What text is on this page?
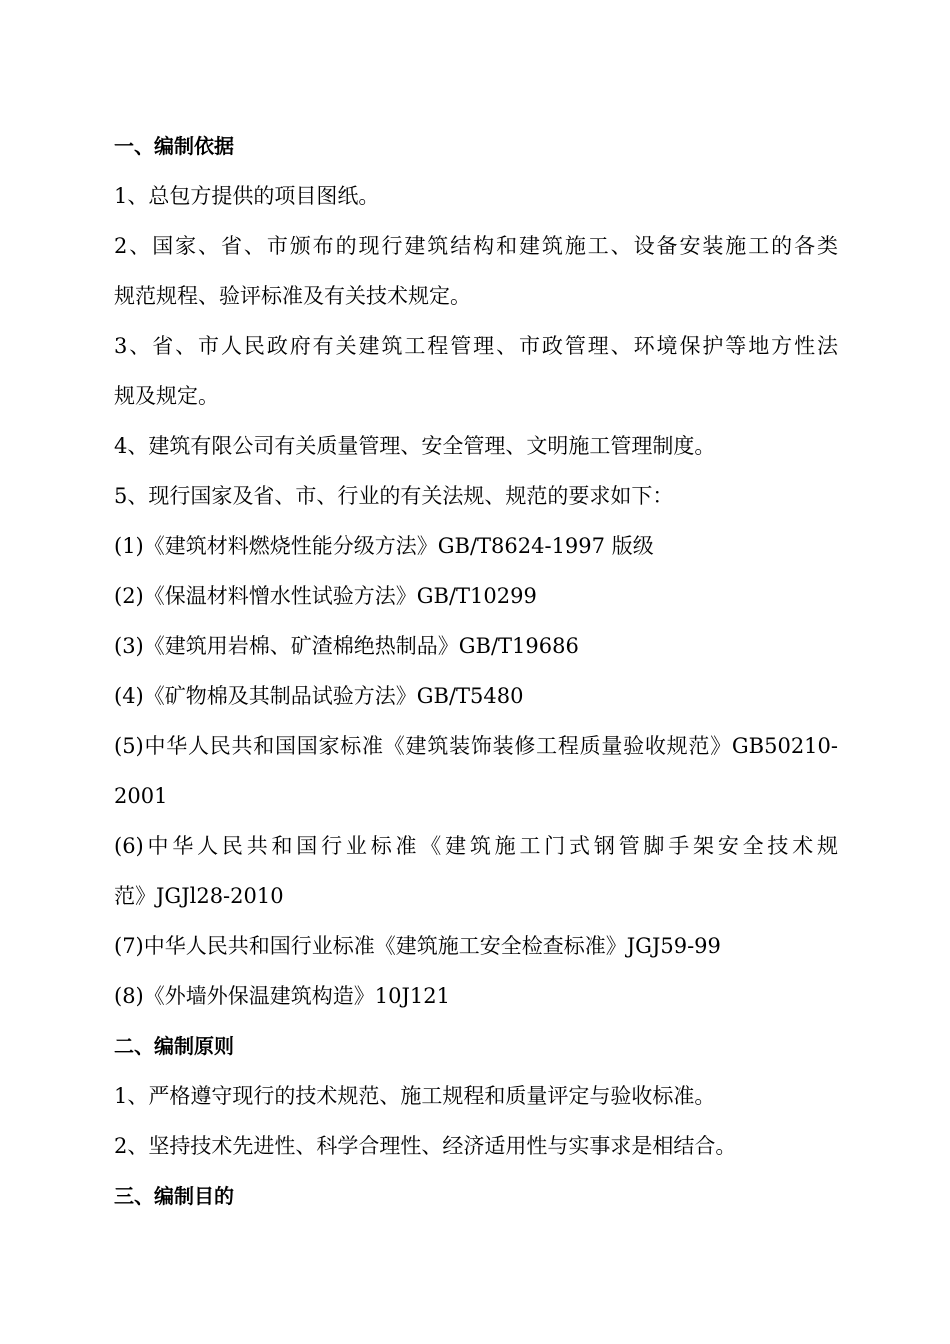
一、编制依据
1、总包方提供的项目图纸。
2、国家、省、市颁布的现行建筑结构和建筑施工、设备安装施工的各类
规范规程、验评标准及有关技术规定。
3、省、市人民政府有关建筑工程管理、市政管理、环境保护等地方性法
规及规定。
4、建筑有限公司有关质量管理、安全管理、文明施工管理制度。
5、现行国家及省、市、行业的有关法规、规范的要求如下：
(1)《建筑材料燃烧性能分级方法》GB/T8624-1997 版级
(2)《保温材料憎水性试验方法》GB/T10299
(3)《建筑用岩棉、矿渣棉绝热制品》GB/T19686
(4)《矿物棉及其制品试验方法》GB/T5480
(5)中华人民共和国国家标准《建筑装饰装修工程质量验收规范》GB50210-
2001
(6)中华人民共和国行业标准《建筑施工门式钢管脚手架安全技术规
范》JGJl28-2010
(7)中华人民共和国行业标准《建筑施工安全检查标准》JGJ59-99
(8)《外墙外保温建筑构造》10J121
二、编制原则
1、严格遵守现行的技术规范、施工规程和质量评定与验收标准。
2、坚持技术先进性、科学合理性、经济适用性与实事求是相结合。
三、编制目的
